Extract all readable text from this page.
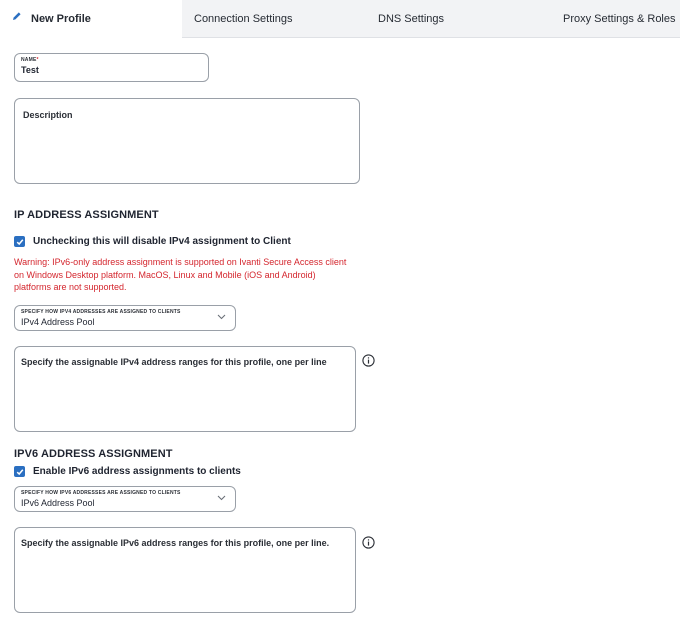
New Profile	Connection Settings	DNS Settings	Proxy Settings & Roles
NAME*
Test
Description
IP ADDRESS ASSIGNMENT
Unchecking this will disable IPv4 assignment to Client
Warning: IPv6-only address assignment is supported on Ivanti Secure Access client on Windows Desktop platform. MacOS, Linux and Mobile (iOS and Android) platforms are not supported.
SPECIFY HOW IPV4 ADDRESSES ARE ASSIGNED TO CLIENTS
IPv4 Address Pool
Specify the assignable IPv4 address ranges for this profile, one per line
IPV6 ADDRESS ASSIGNMENT
Enable IPv6 address assignments to clients
SPECIFY HOW IPV6 ADDRESSES ARE ASSIGNED TO CLIENTS
IPv6 Address Pool
Specify the assignable IPv6 address ranges for this profile, one per line.
